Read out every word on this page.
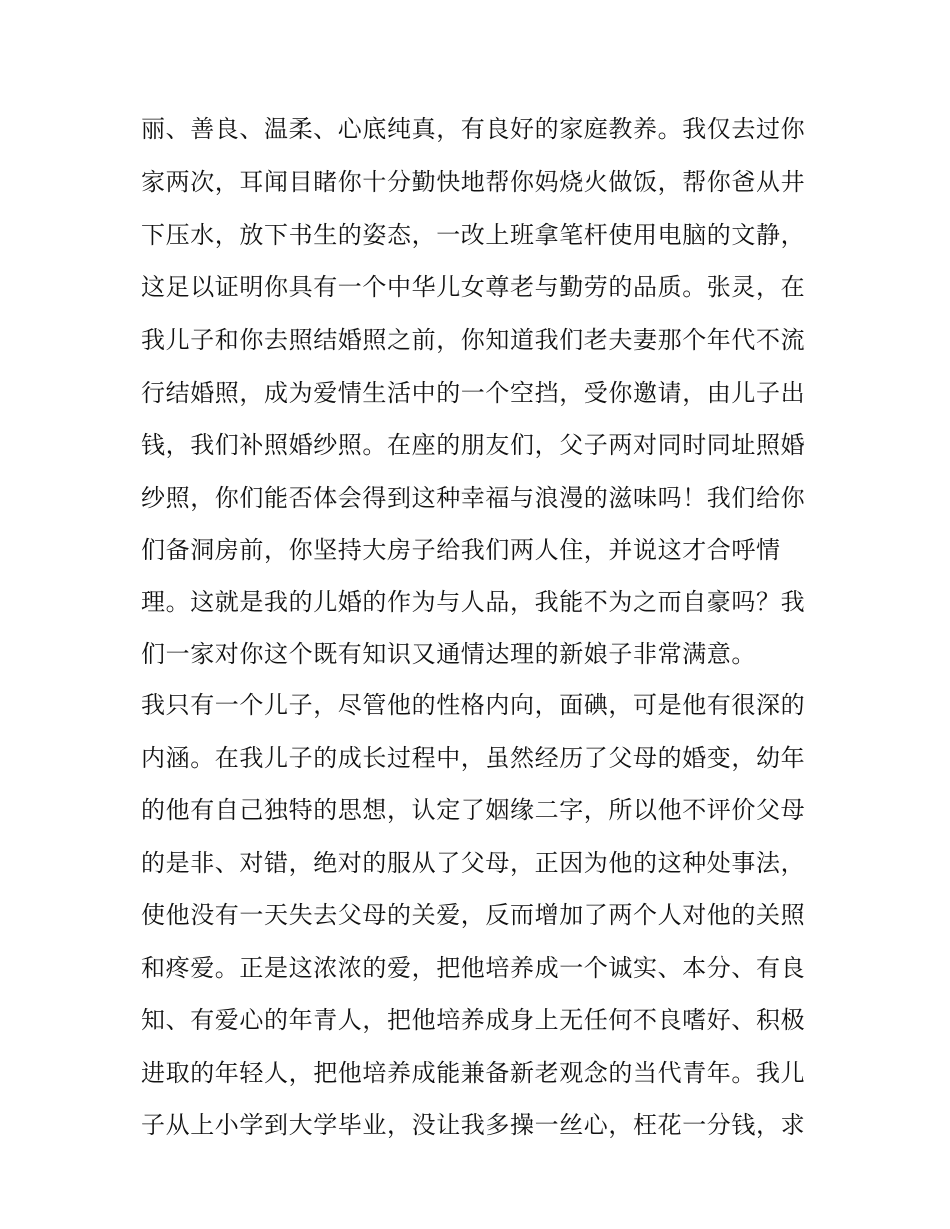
丽、善良、温柔、心底纯真，有良好的家庭教养。我仅去过你
家两次，耳闻目睹你十分勤快地帮你妈烧火做饭，帮你爸从井
下压水，放下书生的姿态，一改上班拿笔杆使用电脑的文静，
这足以证明你具有一个中华儿女尊老与勤劳的品质。张灵，在
我儿子和你去照结婚照之前，你知道我们老夫妻那个年代不流
行结婚照，成为爱情生活中的一个空挡，受你邀请，由儿子出
钱，我们补照婚纱照。在座的朋友们，父子两对同时同址照婚
纱照，你们能否体会得到这种幸福与浪漫的滋味吗！我们给你
们备洞房前，你坚持大房子给我们两人住，并说这才合呼情
理。这就是我的儿婚的作为与人品，我能不为之而自豪吗？我
们一家对你这个既有知识又通情达理的新娘子非常满意。
我只有一个儿子，尽管他的性格内向，面碘，可是他有很深的
内涵。在我儿子的成长过程中，虽然经历了父母的婚变，幼年
的他有自己独特的思想，认定了姻缘二字，所以他不评价父母
的是非、对错，绝对的服从了父母，正因为他的这种处事法，
使他没有一天失去父母的关爱，反而增加了两个人对他的关照
和疼爱。正是这浓浓的爱，把他培养成一个诚实、本分、有良
知、有爱心的年青人，把他培养成身上无任何不良嗜好、积极
进取的年轻人，把他培养成能兼备新老观念的当代青年。我儿
子从上小学到大学毕业，没让我多操一丝心，枉花一分钱，求
